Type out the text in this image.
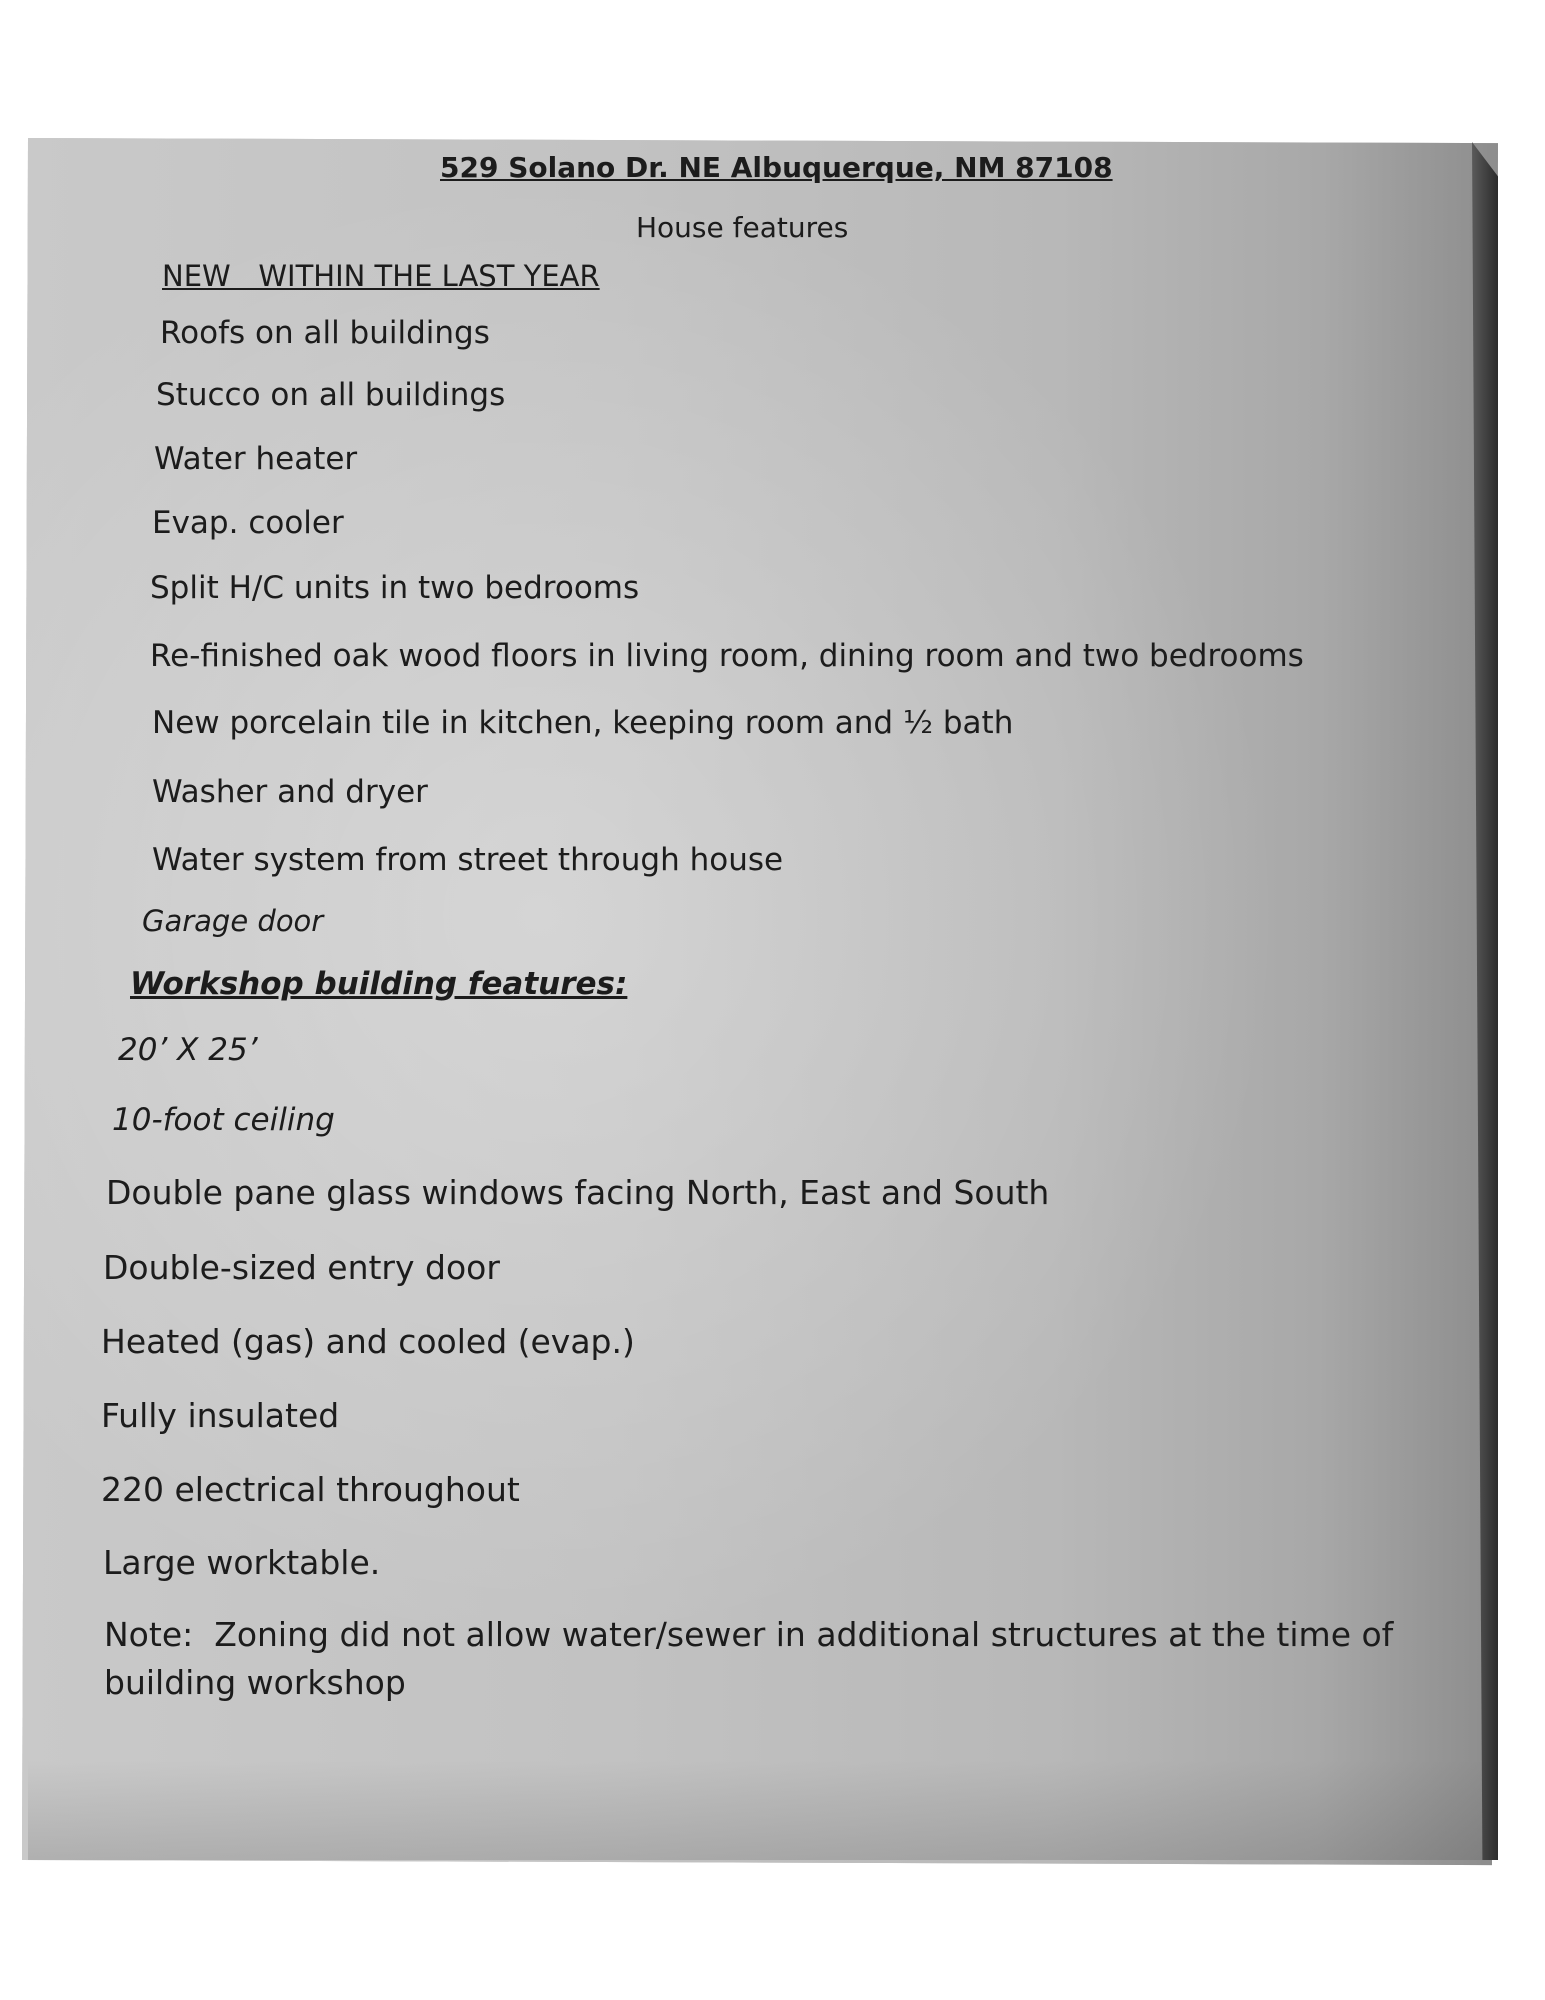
529 Solano Dr. NE Albuquerque, NM 87108
House features
NEW   WITHIN THE LAST YEAR
Roofs on all buildings
Stucco on all buildings
Water heater
Evap. cooler
Split H/C units in two bedrooms
Re-finished oak wood floors in living room, dining room and two bedrooms
New porcelain tile in kitchen, keeping room and ½ bath
Washer and dryer
Water system from street through house
Garage door
Workshop building features:
20’ X 25’
10-foot ceiling
Double pane glass windows facing North, East and South
Double-sized entry door
Heated (gas) and cooled (evap.)
Fully insulated
220 electrical throughout
Large worktable.
Note:  Zoning did not allow water/sewer in additional structures at the time of
building workshop
